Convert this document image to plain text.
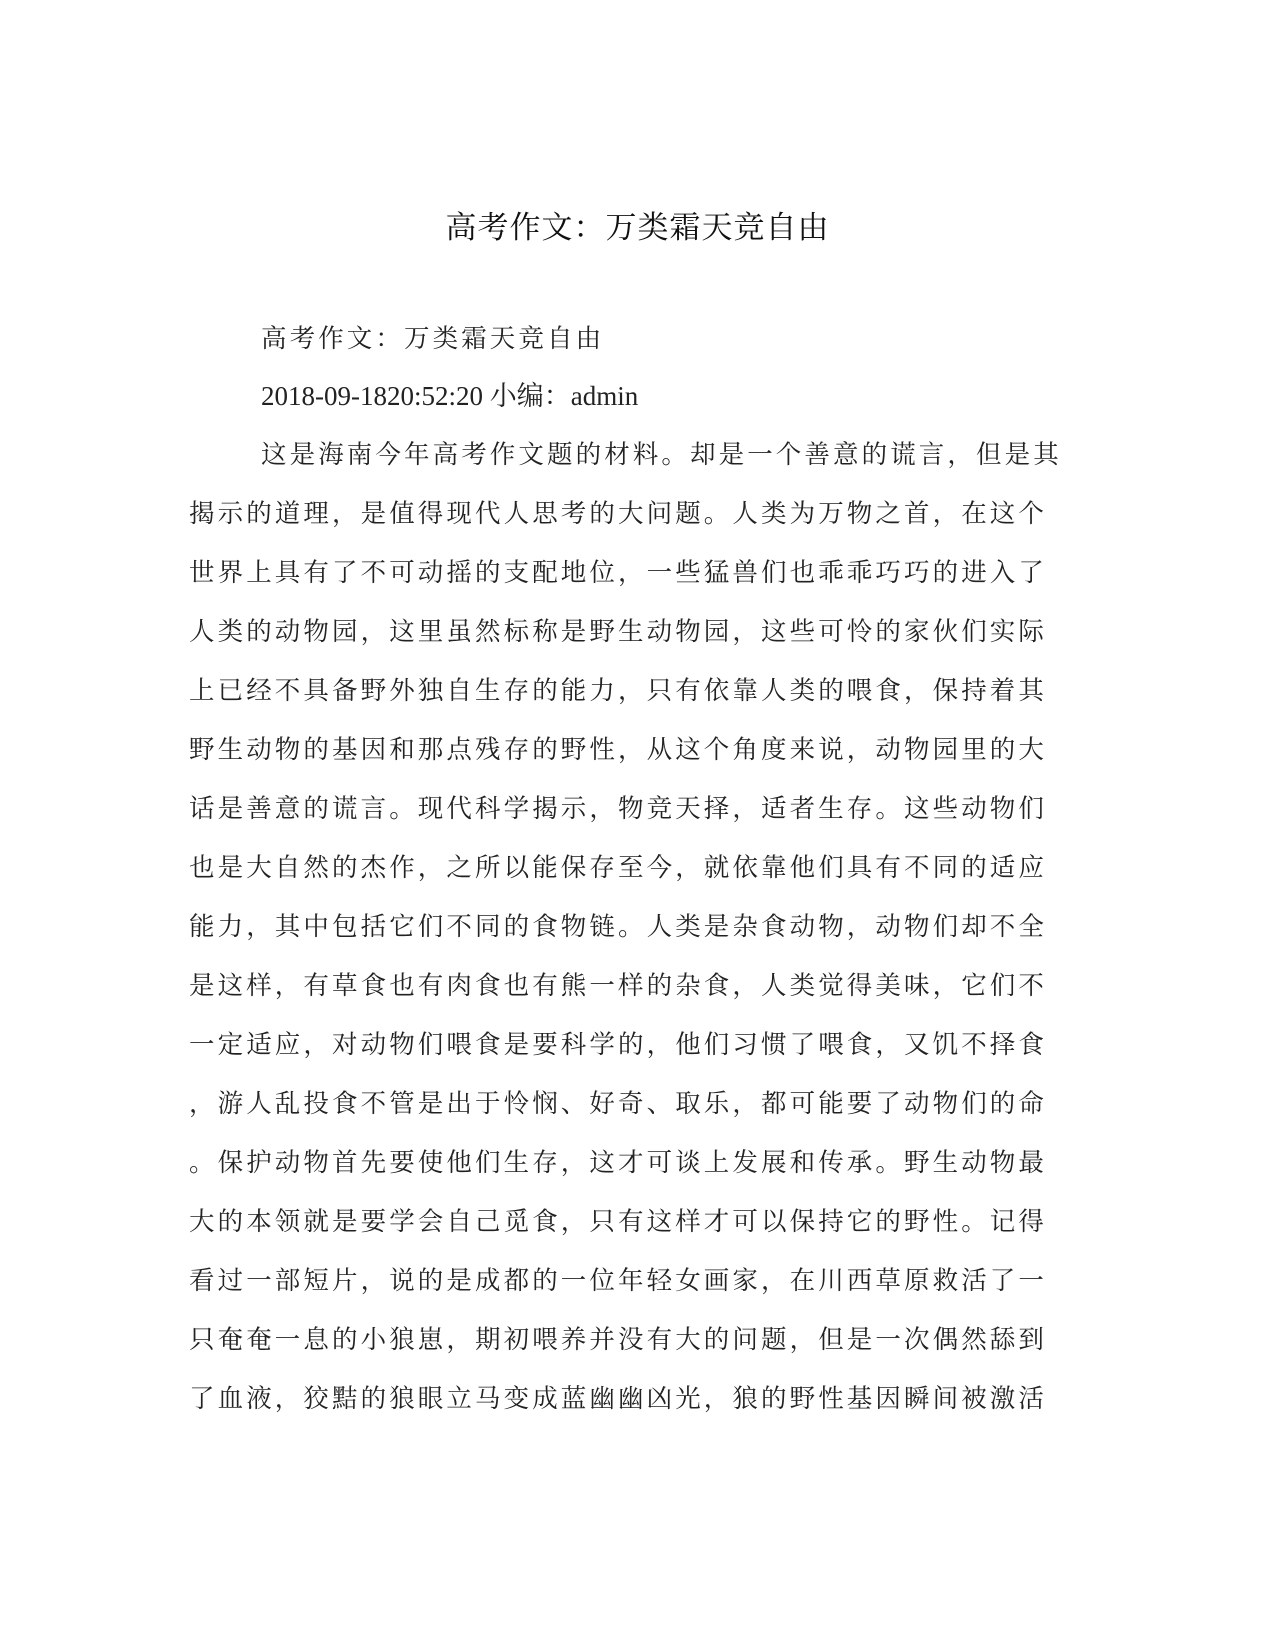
高考作文：万类霜天竞自由
高考作文：万类霜天竞自由
2018-09-1820:52:20 小编：admin
这是海南今年高考作文题的材料。却是一个善意的谎言，但是其
揭示的道理，是值得现代人思考的大问题。人类为万物之首，在这个
世界上具有了不可动摇的支配地位，一些猛兽们也乖乖巧巧的进入了
人类的动物园，这里虽然标称是野生动物园，这些可怜的家伙们实际
上已经不具备野外独自生存的能力，只有依靠人类的喂食，保持着其
野生动物的基因和那点残存的野性，从这个角度来说，动物园里的大
话是善意的谎言。现代科学揭示，物竞天择，适者生存。这些动物们
也是大自然的杰作，之所以能保存至今，就依靠他们具有不同的适应
能力，其中包括它们不同的食物链。人类是杂食动物，动物们却不全
是这样，有草食也有肉食也有熊一样的杂食，人类觉得美味，它们不
一定适应，对动物们喂食是要科学的，他们习惯了喂食，又饥不择食
，游人乱投食不管是出于怜悯、好奇、取乐，都可能要了动物们的命
。保护动物首先要使他们生存，这才可谈上发展和传承。野生动物最
大的本领就是要学会自己觅食，只有这样才可以保持它的野性。记得
看过一部短片，说的是成都的一位年轻女画家，在川西草原救活了一
只奄奄一息的小狼崽，期初喂养并没有大的问题，但是一次偶然舔到
了血液，狡黠的狼眼立马变成蓝幽幽凶光，狼的野性基因瞬间被激活
